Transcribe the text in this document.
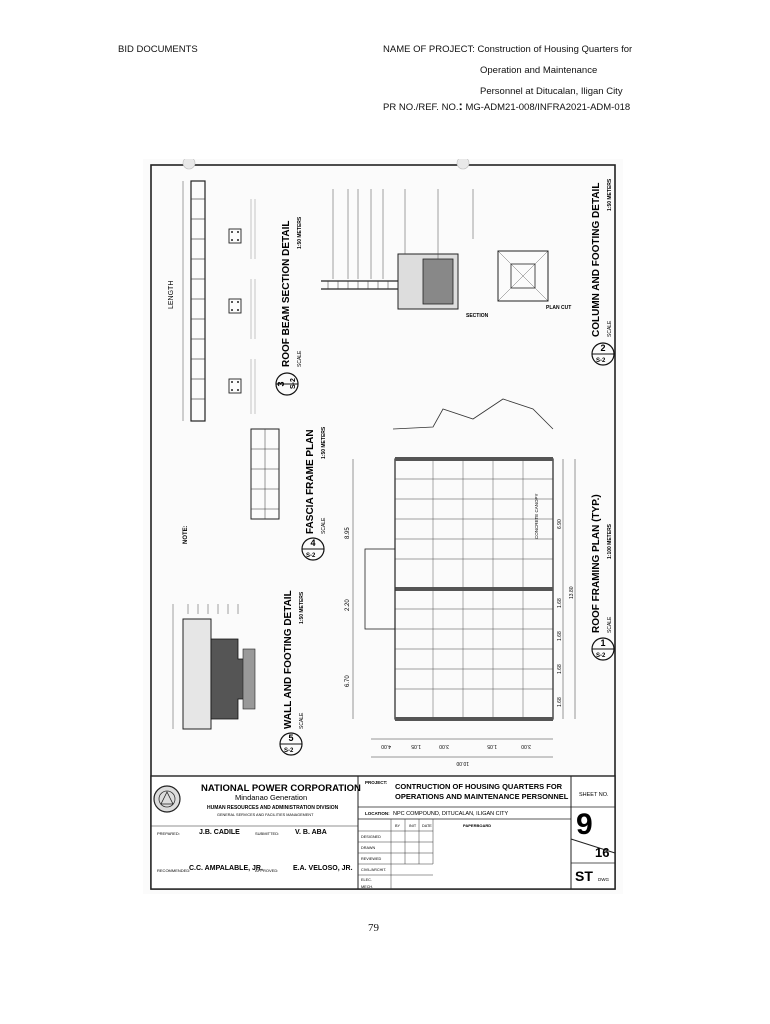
BID DOCUMENTS	NAME OF PROJECT: Construction of Housing Quarters for
Operation and Maintenance
Personnel at Ditucalan, Iligan City
PR NO./REF. NO.: MG-ADM21-008/INFRA2021-ADM-018
LENGTH
3 S-2
ROOF BEAM SECTION DETAIL SCALE
1:50 METERS
SECTION
PLAN CUT
2
S-2
COLUMN AND FOOTING DETAIL SCALE
1:50 METERS
NOTE:	4
S-2
FASCIA FRAME PLAN SCALE
1:50 METERS
6.70
2.20
8.95
4.00	1.05	3.00	1.05	3.00
10.00
1.68
1.68
1.68
1.68
6.90
13.80
CONCRETE CANOPY
1
S-2
ROOF FRAMING PLAN (TYP.) SCALE
1:100 METERS
5
S-2
WALL AND FOOTING DETAIL SCALE
1:50 METERS
NATIONAL POWER CORPORATION
Mindanao Generation
HUMAN RESOURCES AND ADMINISTRATION DIVISION
GENERAL SERVICES AND FACILITIES MANAGEMENT
PREPARED:	J.B. CADILE	SUBMITTED: V. B. ABA
RECOMMENDED:
C.C. AMPALABLE, JR.
APPROVED: E.A. VELOSO, JR.
PROJECT: CONTRUCTION OF HOUSING QUARTERS FOR
OPERATIONS AND MAINTENANCE PERSONNEL
LOCATION: NPC COMPOUND, DITUCALAN, ILIGAN CITY
BY INIT DATE	PAPERBOARD
DESIGNED
DRAWN
REVIEWED
CIVIL/ARCHIT.
ELEC.
MECH.
SHEET NO.
9
16
ST DWG
79
